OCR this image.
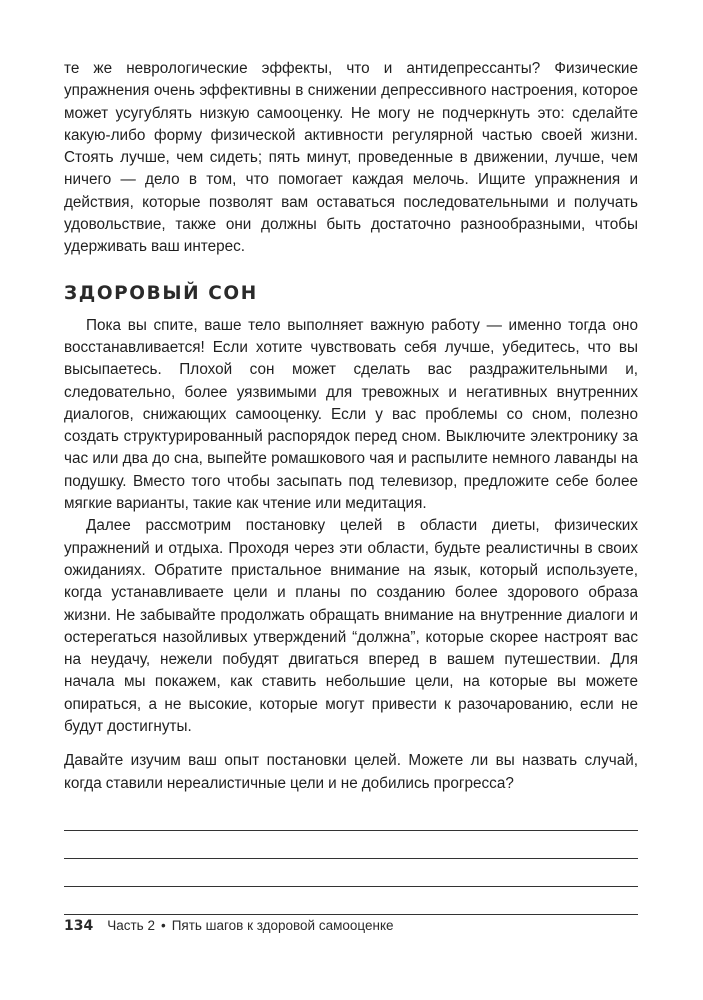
те же неврологические эффекты, что и антидепрессанты? Физические упражнения очень эффективны в снижении депрессивного настроения, которое может усугублять низкую самооценку. Не могу не подчеркнуть это: сделайте какую-либо форму физической активности регулярной частью своей жизни. Стоять лучше, чем сидеть; пять минут, проведенные в движении, лучше, чем ничего — дело в том, что помогает каждая мелочь. Ищите упражнения и действия, которые позволят вам оставаться последовательными и получать удовольствие, также они должны быть достаточно разнообразными, чтобы удерживать ваш интерес.

ЗДОРОВЫЙ СОН

Пока вы спите, ваше тело выполняет важную работу — именно тогда оно восстанавливается! Если хотите чувствовать себя лучше, убедитесь, что вы высыпаетесь. Плохой сон может сделать вас раздражительными и, следовательно, более уязвимыми для тревожных и негативных внутренних диалогов, снижающих самооценку. Если у вас проблемы со сном, полезно создать структурированный распорядок перед сном. Выключите электронику за час или два до сна, выпейте ромашкового чая и распылите немного лаванды на подушку. Вместо того чтобы засыпать под телевизор, предложите себе более мягкие варианты, такие как чтение или медитация.

Далее рассмотрим постановку целей в области диеты, физических упражнений и отдыха. Проходя через эти области, будьте реалистичны в своих ожиданиях. Обратите пристальное внимание на язык, который используете, когда устанавливаете цели и планы по созданию более здорового образа жизни. Не забывайте продолжать обращать внимание на внутренние диалоги и остерегаться назойливых утверждений “должна”, которые скорее настроят вас на неудачу, нежели побудят двигаться вперед в вашем путешествии. Для начала мы покажем, как ставить небольшие цели, на которые вы можете опираться, а не высокие, которые могут привести к разочарованию, если не будут достигнуты.

Давайте изучим ваш опыт постановки целей. Можете ли вы назвать случай, когда ставили нереалистичные цели и не добились прогресса?

134 Часть 2 • Пять шагов к здоровой самооценке
